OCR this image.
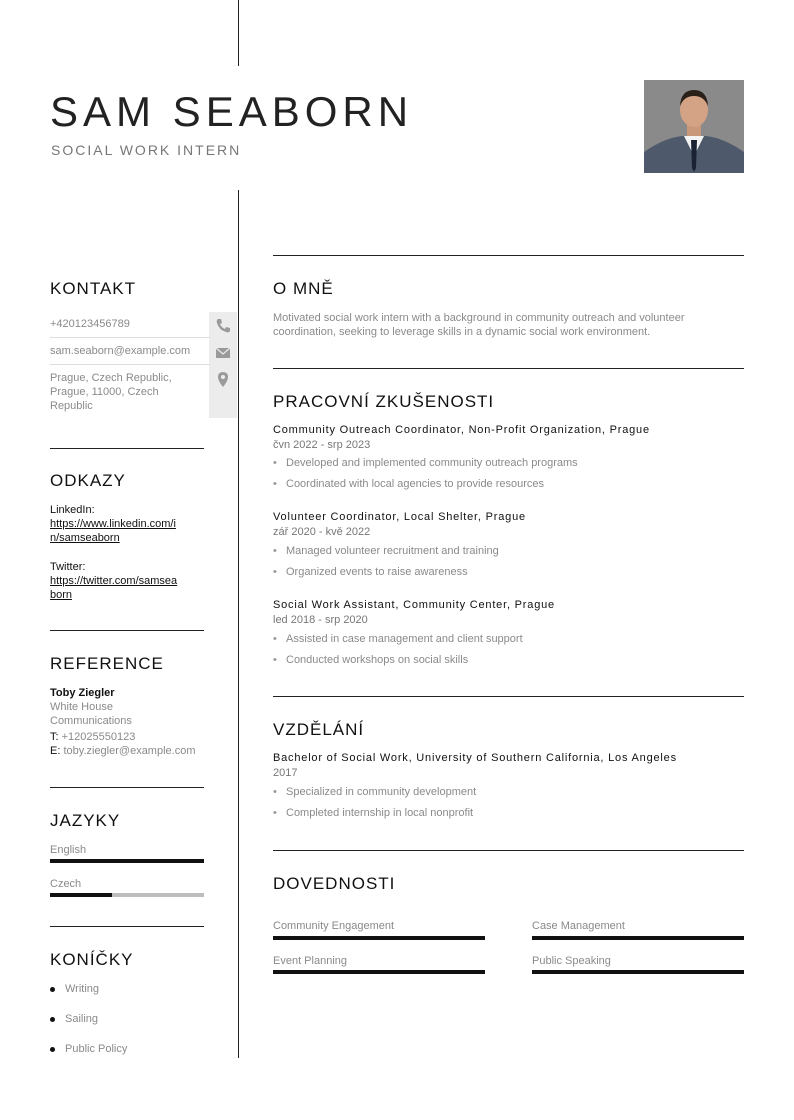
SAM SEABORN
SOCIAL WORK INTERN
KONTAKT
+420123456789
sam.seaborn@example.com
Prague, Czech Republic,
Prague, 11000, Czech
Republic
ODKAZY
LinkedIn:
https://www.linkedin.com/i
n/samseaborn
Twitter:
https://twitter.com/samsea
born
REFERENCE
Toby Ziegler
White House
Communications
T: +12025550123
E: toby.ziegler@example.com
JAZYKY
English
Czech
KONÍČKY
Writing
Sailing
Public Policy
O MNĚ
Motivated social work intern with a background in community outreach and volunteer
coordination, seeking to leverage skills in a dynamic social work environment.
PRACOVNÍ ZKUŠENOSTI
Community Outreach Coordinator, Non-Profit Organization, Prague
čvn 2022 - srp 2023
• Developed and implemented community outreach programs
• Coordinated with local agencies to provide resources
Volunteer Coordinator, Local Shelter, Prague
zář 2020 - kvě 2022
• Managed volunteer recruitment and training
• Organized events to raise awareness
Social Work Assistant, Community Center, Prague
led 2018 - srp 2020
• Assisted in case management and client support
• Conducted workshops on social skills
VZDĚLÁNÍ
Bachelor of Social Work, University of Southern California, Los Angeles
2017
• Specialized in community development
• Completed internship in local nonprofit
DOVEDNOSTI
Community Engagement	Case Management
Event Planning	Public Speaking
